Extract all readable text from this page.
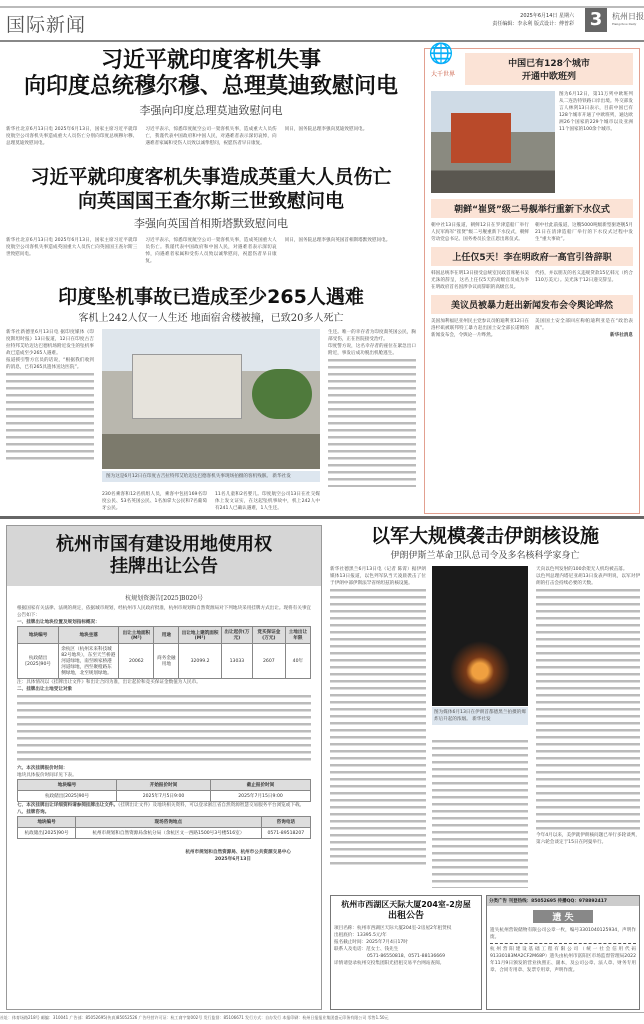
国际新闻	2025年6月14日 星期六
责任编辑：李永利 版式设计：傅普彩 3	杭州日报
Hangzhou Daily
习近平就印度客机失事
向印度总统穆尔穆、总理莫迪致慰问电
李强向印度总理莫迪致慰问电

新华社北京6月13日电 2025年6月13日，国家主席习近平就印度航空公司客机失事造成重大人员伤亡分别向印度总统穆尔穆、总理莫迪致慰问电。

习近平表示，惊悉印度航空公司一架客机失事，造成重大人员伤亡，我谨代表中国政府和中国人民，对遇难者表示深切哀悼，向遇难者家属和受伤人员致以诚挚慰问，祝愿伤者早日康复。

同日，国务院总理李强向莫迪致慰问电。

习近平就印度客机失事造成英重大人员伤亡
向英国国王查尔斯三世致慰问电
李强向英国首相斯塔默致慰问电

新华社北京6月13日电 2025年6月13日，国家主席习近平就印度航空公司客机失事造成英国重大人员伤亡向英国国王查尔斯三世致慰问电。

习近平表示，惊悉印度航空公司一架客机失事，造成英国重大人员伤亡。我谨代表中国政府和中国人民，对遇难者表示深切哀悼，向遇难者家属和受伤人员致以诚挚慰问，祝愿伤者早日康复。

同日，国务院总理李强向英国首相斯塔默致慰问电。

印度坠机事故已造成至少265人遇难
客机上242人仅一人生还 地面宿舍楼被撞，已致20多人死亡

新华社新德里6月13日电 据印度媒体《印度斯坦时报》13日报道，12日在印度古吉拉特邦艾哈迈达巴德机场附近发生的坠机事故已造成至少265人遇难。

报道援引警方官员的话说，“根据我们收到的消息，已有265具遗体送达医院”。

图为这是6月12日在印度古吉拉特邦艾哈迈达巴德客机失事现场拍摄的客机残骸。 新华社发

230名乘客和12名机组人员，乘客中包括169名印度公民、53名英国公民、1名加拿大公民和7名葡萄牙公民。

11名儿童和2名婴儿。印度航空公司13日在社交媒体上发文证实，在这起坠机事故中，机上242人中有241人已确认遇难，1人生还。

生还。唯一的幸存者为印度裔英国公民，胸部受伤，正在医院接受治疗。

印度警方说，这名幸存者的座位在紧急出口附近，事发后成功脱出机舱逃生。

🌐
大千世界
中国已有128个城市
开通中欧班列

图为6月12日，第11万列中欧班列从二连浩特铁路口岸出境。外交部发言人林剑13日表示，目前中国已有128个城市开通了中欧班列，通达欧洲26个国家的229个城市以及亚洲11个国家的100余个城市。

朝鲜“崔贤”级二号舰举行重新下水仪式

朝中社13日报道，朝鲜12日在罗津造船厂举行人民军海军“崔贤”级二号舰重新下水仪式，朝鲜劳动党总书记、国务委员长金正恩出席仪式。

朝中社此前报道，这艘5000吨级新型驱逐舰5月21日在清津造船厂举行的下水仪式过程中发生“重大事故”。

上任仅5天！李在明政府一高官引咎辞职

韩国总统李在明13日接受总统室民政首席秘书吴光洙的辞呈，这名上任仅5天的高级官员成为李在明政府首名因涉争议而辞职的高级官员。

代持，并以朋友的名义违规贷款15亿韩元（约合110万美元）。吴光洙于12日递交辞呈。

美议员被暴力赶出新闻发布会令舆论哗然

美国加利福尼亚州民主党参议员帕迪利亚12日在洛杉矶被联邦特工暴力赶出国土安全部长诺姆的新闻发布会，令舆论一片哗然。

美国国土安全部回应称帕迪利亚是在“政治表演”。

新华社消息

杭州市国有建设用地使用权
挂牌出让公告
杭规划资源告[2025]B020号

根据国家有关法律、法规的规定，依据城市规划，经杭州市人民政府批准，杭州市规划和自然资源局对下列地块采用挂牌方式出让。现将有关事宜公告如下：

一、挂牌出让地块位置及规划指标概况：

地块编号	地块坐落	出让土地面积(M²)	用途	出让地上建筑面积(M²)	出让起价(万元)	竞买保证金(万元)	土地出让年限
杭政储出[2025]90号	余杭区（杭州未来科技城82号地块），东至天竺桥港河道绿地，南至顾家桥港河道绿地，西至聚橙路东侧绿地，北至规划绿地。	20062	商务金融用地	32099.2	13033	2607	40年

注：具体情况以《挂牌出让文件》和出让合同为准，出让起价和竞买保证金数值为人民币。

二、挂牌出让土地受让对象

六、本次挂牌报价时间：

地块具体报价时间详见下表。

地块编号	开始报价时间	截止报价时间
杭政储出[2025]90号	2025年7月5日9:00	2025年7月15日9:00

七、本次挂牌出让详细资料请参阅挂牌出让文件。《挂牌出让文件》及地块相关资料，可以登录浙江省自然资源智慧交易服务平台浏览或下载。

八、挂牌咨询。

地块编号	现场咨询地点	咨询电话
杭政储出[2025]90号	杭州市规划和自然资源局余杭分局（余杭区文一西路1500号3号楼516室）	0571-89518207

杭州市规划和自然资源局、杭州市公共资源交易中心

2025年6月13日

以军大规模袭击伊朗核设施
伊朗伊斯兰革命卫队总司令及多名核科学家身亡

新华社德黑兰6月13日电（记者 陈霄）据伊朗媒体13日报道，以色列军队当天凌晨袭击了位于伊朗中部伊斯法罕省纳坦兹的核设施。

图为媒体6月13日在伊朗首都德黑兰拍摄的爆炸后升起的浓烟。 新华社发

天向以色列发射的100余架无人机均被击落。

以色列总理内塔尼亚胡13日发表声明说，以军对伊朗的打击会持续必要的天数。

今年4月以来，美伊就伊朗核问题已举行多轮谈判，第六轮会谈定于15日在阿曼举行。

杭州市西湖区天际大厦204室-2房屋
出租公告

项目名称：杭州市西湖区天际大厦204室-2房屋2年租赁权

出租底价：13395.5元/年

报名截止时间：2025年7月4日17时

联系人及电话：范女士、钱先生

0571-86550818、0571-88136669

详情请登录杭州交投集团阳光招租交易平台网站查阅。

分类广告 刊登热线：85052695 传播QQ：978892417
遗 失

遗失杭州营锐储物有限公司公章一枚，编号3301040125934，声明作废。

杭州营阳建设基础工程有限公司（统一社会信用代码91330183MA2CF2M68P）遗失由杭州市富阳区市场监督管理局2022年11月9日颁发的营业执照正、副本，及公司公章、法人章、财务专用章、合同专用章、发票专用章，声明作废。

社址：体育场路218号 邮编：310041 广告部：85052695(传真)85052526 广告经营许可证：杭工商字第002号 发行监督：85106671 发行方式：自办发行 本报印刷：杭州日报报业集团盛元印务有限公司 零售1.50元
